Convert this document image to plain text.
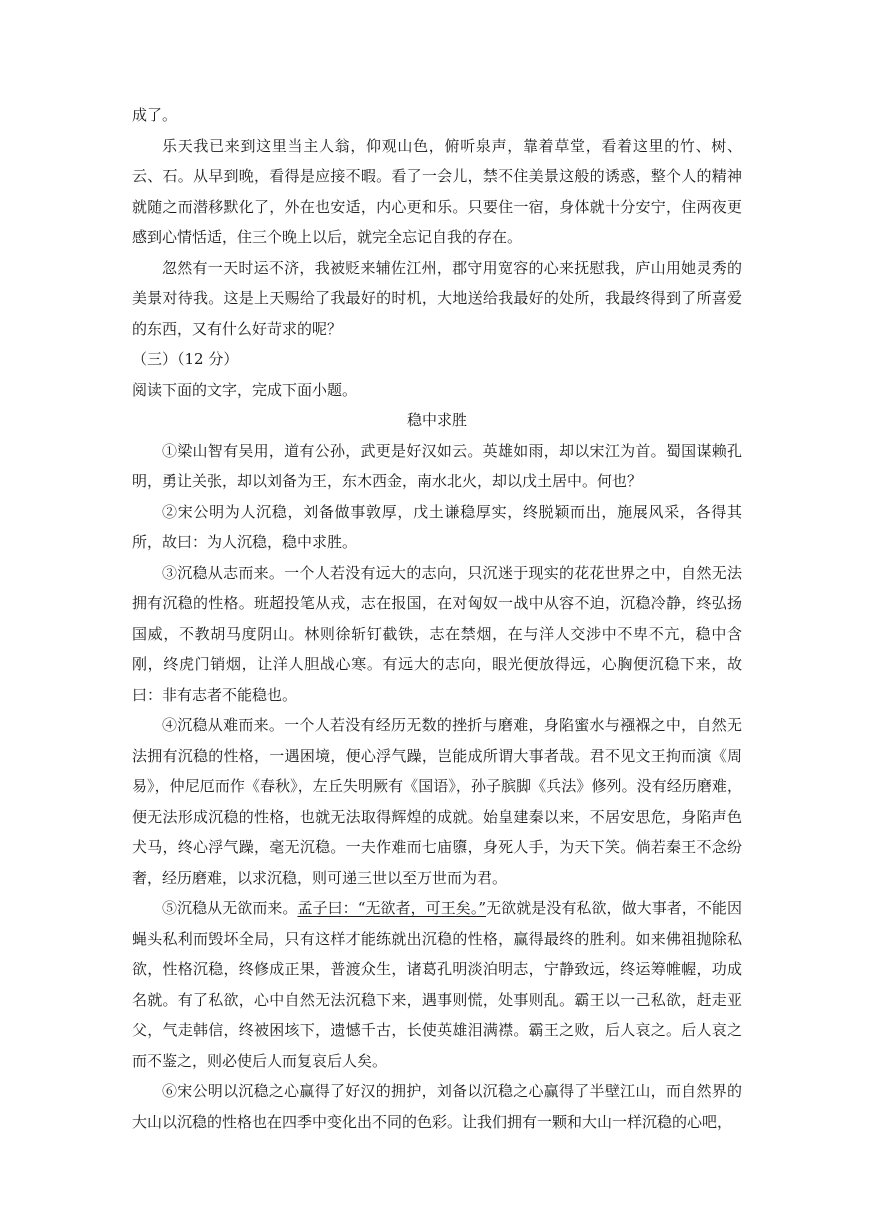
成了。

乐天我已来到这里当主人翁，仰观山色，俯听泉声，靠着草堂，看着这里的竹、树、云、石。从早到晚，看得是应接不暇。看了一会儿，禁不住美景这般的诱惑，整个人的精神就随之而潜移默化了，外在也安适，内心更和乐。只要住一宿，身体就十分安宁，住两夜更感到心情恬适，住三个晚上以后，就完全忘记自我的存在。

忽然有一天时运不济，我被贬来辅佐江州，郡守用宽容的心来抚慰我，庐山用她灵秀的美景对待我。这是上天赐给了我最好的时机，大地送给我最好的处所，我最终得到了所喜爱的东西，又有什么好苛求的呢？

（三）（12 分）

阅读下面的文字，完成下面小题。

稳中求胜

①梁山智有吴用，道有公孙，武更是好汉如云。英雄如雨，却以宋江为首。蜀国谋赖孔明，勇让关张，却以刘备为王，东木西金，南水北火，却以戊土居中。何也？

②宋公明为人沉稳，刘备做事敦厚，戊土谦稳厚实，终脱颖而出，施展风采，各得其所，故曰：为人沉稳，稳中求胜。

③沉稳从志而来。一个人若没有远大的志向，只沉迷于现实的花花世界之中，自然无法拥有沉稳的性格。班超投笔从戎，志在报国，在对匈奴一战中从容不迫，沉稳冷静，终弘扬国威，不教胡马度阴山。林则徐斩钉截铁，志在禁烟，在与洋人交涉中不卑不亢，稳中含刚，终虎门销烟，让洋人胆战心寒。有远大的志向，眼光便放得远，心胸便沉稳下来，故曰：非有志者不能稳也。

④沉稳从难而来。一个人若没有经历无数的挫折与磨难，身陷蜜水与襁褓之中，自然无法拥有沉稳的性格，一遇困境，便心浮气躁，岂能成所谓大事者哉。君不见文王拘而演《周易》，仲尼厄而作《春秋》，左丘失明厥有《国语》，孙子膑脚《兵法》修列。没有经历磨难，便无法形成沉稳的性格，也就无法取得辉煌的成就。始皇建秦以来，不居安思危，身陷声色犬马，终心浮气躁，毫无沉稳。一夫作难而七庙隳，身死人手，为天下笑。倘若秦王不念纷奢，经历磨难，以求沉稳，则可递三世以至万世而为君。

⑤沉稳从无欲而来。孟子曰：“无欲者，可王矣。”无欲就是没有私欲，做大事者，不能因蝇头私利而毁坏全局，只有这样才能练就出沉稳的性格，赢得最终的胜利。如来佛祖抛除私欲，性格沉稳，终修成正果，普渡众生，诸葛孔明淡泊明志，宁静致远，终运筹帷幄，功成名就。有了私欲，心中自然无法沉稳下来，遇事则慌，处事则乱。霸王以一己私欲，赶走亚父，气走韩信，终被困垓下，遗憾千古，长使英雄泪满襟。霸王之败，后人哀之。后人哀之而不鉴之，则必使后人而复哀后人矣。

⑥宋公明以沉稳之心赢得了好汉的拥护，刘备以沉稳之心赢得了半壁江山，而自然界的大山以沉稳的性格也在四季中变化出不同的色彩。让我们拥有一颗和大山一样沉稳的心吧，
